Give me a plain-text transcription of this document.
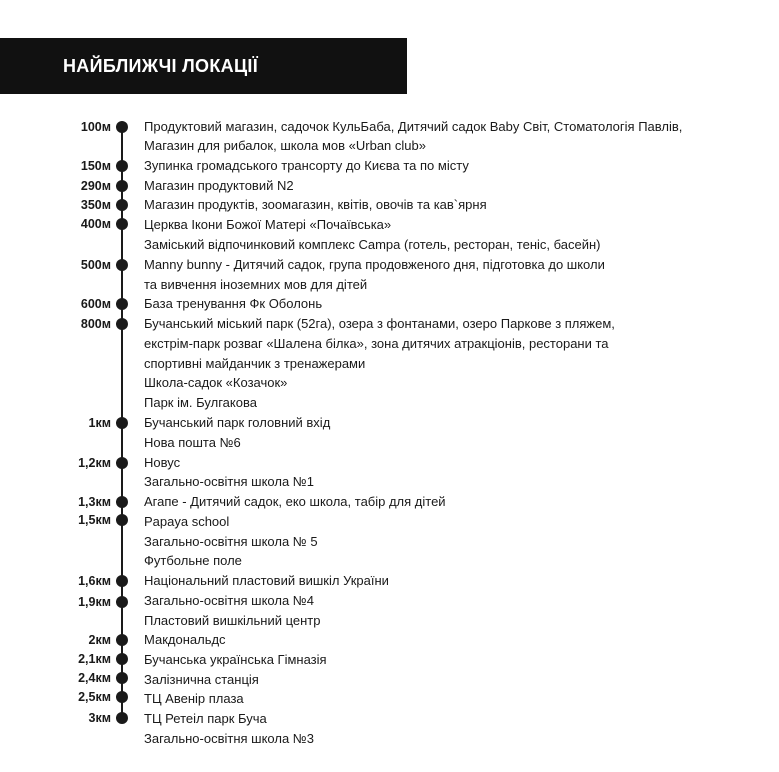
НАЙБЛИЖЧІ ЛОКАЦІЇ
100м
150м
290м
350м
400м
500м
600м
800м
1км
1,2км
1,3км
1,5км
1,6км
1,9км
2км
2,1км
2,4км
2,5км
3км
Продуктовий магазин, садочок КульБаба, Дитячий садок Baby Світ, Стоматологія Павлів,
Магазин для рибалок, школа мов «Urban club»
Зупинка громадського трансорту до Києва та по місту
Магазин продуктовий N2
Магазин продуктів, зоомагазин, квітів, овочів та кав`ярня
Церква Ікони Божої Матері «Почаївська»
Заміський відпочинковий комплекс Campa (готель, ресторан, теніс, басейн)
Manny bunny - Дитячий садок, група продовженого дня, підготовка до школи
та вивчення іноземних мов для дітей
База тренування Фк Оболонь
Бучанський міський парк (52га), озера з фонтанами, озеро Паркове з пляжем,
екстрім-парк розваг «Шалена білка», зона дитячих атракціонів, ресторани та
спортивні майданчик з тренажерами
Школа-садок «Козачок»
Парк ім. Булгакова
Бучанський парк головний вхід
Нова пошта №6
Новус
Загально-освітня школа №1
Агапе - Дитячий садок, еко школа, табір для дітей
Papaya school
Загально-освітня школа № 5
Футбольне поле
Національний пластовий вишкіл України
Загально-освітня школа №4
Пластовий вишкільний центр
Макдональдс
Бучанська українська Гімназія
Залізнична станція
ТЦ Авенір плаза
ТЦ Ретеіл парк Буча
Загально-освітня школа №3
